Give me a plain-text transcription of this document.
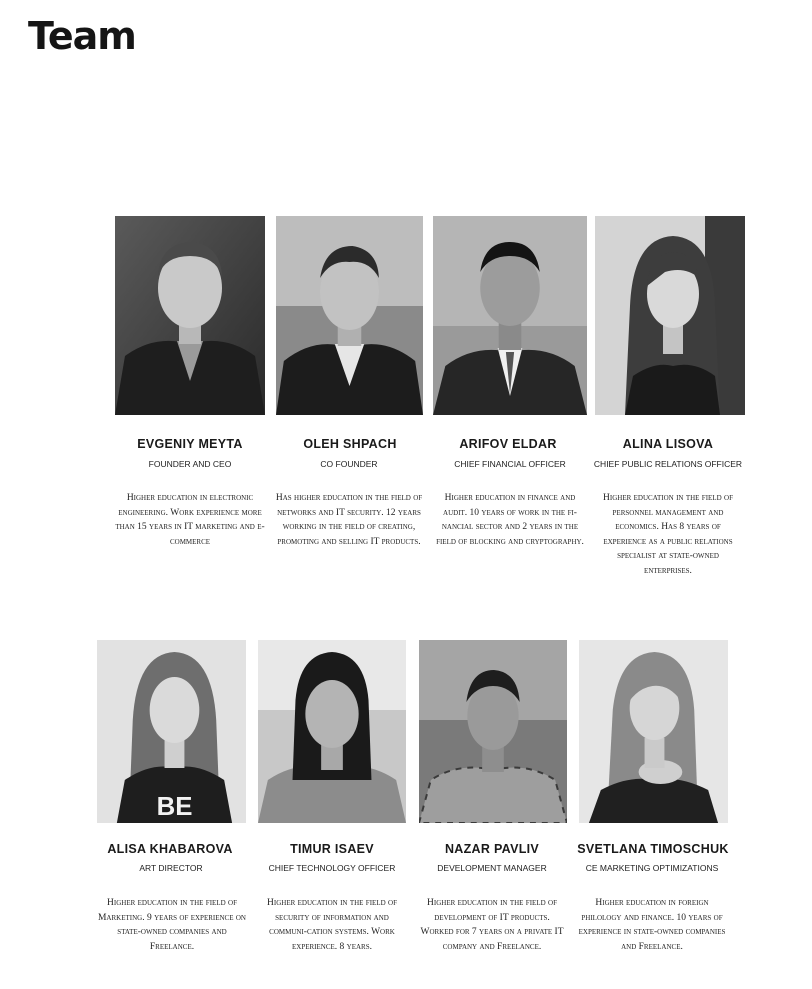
Team
EVGENIY MEYTA
FOUNDER AND CEO
Higher education in electronic engineering. Work experience more than 15 years in IT marketing and e-commerce
OLEH SHPACH
CO FOUNDER
Has higher education in the field of networks and IT security. 12 years working in the field of creating, promoting and selling IT products.
ARIFOV ELDAR
CHIEF FINANCIAL OFFICER
Higher education in finance and audit. 10 years of work in the fi-nancial sector and 2 years in the field of blocking and cryptography.
ALINA LISOVA
CHIEF PUBLIC RELATIONS OFFICER
Higher education in the field of personnel management and economics. Has 8 years of experience as a public relations specialist at state-owned enterprises.
BE
ALISA KHABAROVA
ART DIRECTOR
Higher education in the field of Marketing. 9 years of experience on state-owned companies and Freelance.
TIMUR ISAEV
CHIEF TECHNOLOGY OFFICER
Higher education in the field of security of information and communi-cation systems. Work experience. 8 years.
NAZAR PAVLIV
DEVELOPMENT MANAGER
Higher education in the field of development of IT products. Worked for 7 years on a private IT company and Freelance.
SVETLANA TIMOSCHUK
CE MARKETING OPTIMIZATIONS
Higher education in foreign philology and finance. 10 years of experience in state-owned companies and Freelance.
